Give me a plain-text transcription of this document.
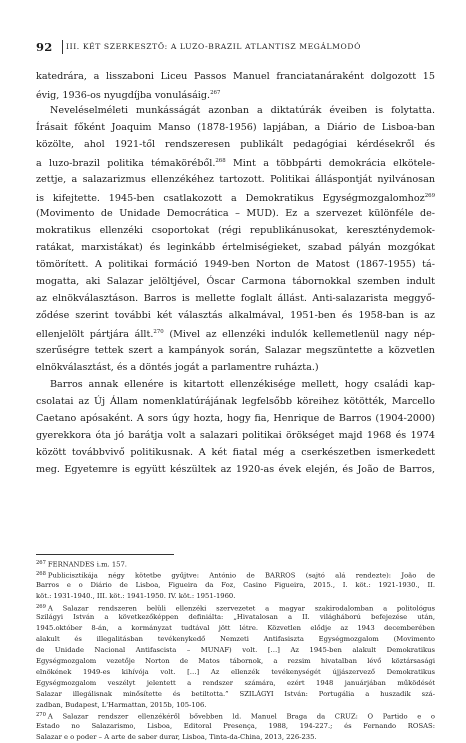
92 III. KÉT SZERKESZTŐ: A LUZO-BRAZIL ATLANTISZ MEGÁLMODÓ
katedrára, a lisszaboni Liceu Passos Manuel franciatanáraként dolgozott 15
évig, 1936-os nyugdíjba vonulásáig.$^{267}$
Neveléselméleti munkásságát azonban a diktatúrák éveiben is folytatta.
Írásait főként Joaquim Manso (1878-1956) lapjában, a Diário de Lisboa-ban
közölte, ahol 1921-től rendszeresen publikált pedagógiai kérdésekről és
a luzo-brazil politika témaköréből.$^{268}$ Mint a többpárti demokrácia elkötele-
zettje, a salazarizmus ellenzékéhez tartozott. Politikai álláspontját nyilvánosan
is kifejtette. 1945-ben csatlakozott a Demokratikus Egységmozgalomhoz$^{269}$
(Movimento de Unidade Democrática – MUD). Ez a szervezet különféle de-
mokratikus ellenzéki csoportokat (régi republikánusokat, kereszténydemok-
ratákat, marxistákat) és leginkább értelmiségieket, szabad pályán mozgókat
tömörített. A politikai formáció 1949-ben Norton de Matost (1867-1955) tá-
mogatta, aki Salazar jelöltjével, Óscar Carmona tábornokkal szemben indult
az elnökválasztáson. Barros is mellette foglalt állást. Anti-salazarista meggyő-
ződése szerint további két választás alkalmával, 1951-ben és 1958-ban is az
ellenjelölt pártjára állt.$^{270}$ (Mivel az ellenzéki indulók kellemetlenül nagy nép-
szerűségre tettek szert a kampányok során, Salazar megszüntette a közvetlen
elnökválasztást, és a döntés jogát a parlamentre ruházta.)
Barros annak ellenére is kitartott ellenzékisége mellett, hogy családi kap-
csolatai az Új Állam nomenklatúrájának legfelsőbb köreihez kötötték, Marcello
Caetano apósaként. A sors úgy hozta, hogy fia, Henrique de Barros (1904-2000)
gyerekkora óta jó barátja volt a salazari politikai örökséget majd 1968 és 1974
között továbbvivő politikusnak. A két fiatal még a cserkészetben ismerkedett
meg. Egyetemre is együtt készültek az 1920-as évek elején, és João de Barros,
$^{267}$ FERNANDES i.m. 157.
$^{268}$ Publicisztikája négy kötetbe gyűjtve: António de BARROS (sajtó alá rendezte): João de
Barros e o Diário de Lisboa, Figueira da Foz, Casino Figueira, 2015., I. köt.: 1921-1930., II.
köt.: 1931-1940., III. köt.: 1941-1950. IV. köt.: 1951-1960.
$^{269}$ A Salazar rendszeren belüli ellenzéki szervezetet a magyar szakirodalomban a politológus
Szilágyi István a következőképpen definiálta: „Hivatalosan a II. világháború befejezése után,
1945.október 8-án, a kormányzat tudtával jött létre. Közvetlen elődje az 1943 decemberében
alakult és illegalitásban tevékenykedő Nemzeti Antifasiszta Egységmozgalom (Movimento
de Unidade Nacional Antifascista – MUNAF) volt. […] Az 1945-ben alakult Demokratikus
Egységmozgalom vezetője Norton de Matos tábornok, a rezsim hivatalban lévő köztársasági
elnökének 1949-es kihívója volt. […] Az ellenzék tevékenységét újjászervező Demokratikus
Egységmozgalom veszélyt jelentett a rendszer számára, ezért 1948 januárjában működését
Salazar illegálisnak minősítette és betiltotta.” SZILÁGYI István: Portugália a huszadik szá-
zadban, Budapest, L'Harmattan, 2015b, 105-106.
$^{270}$ A Salazar rendszer ellenzékéről bővebben ld. Manuel Braga da CRUZ: O Partido e o
Estado no Salazarismo, Lisboa, Editoral Presença, 1988, 194-227.; és Fernando ROSAS:
Salazar e o poder – A arte de saber durar, Lisboa, Tinta-da-China, 2013, 226-235.
